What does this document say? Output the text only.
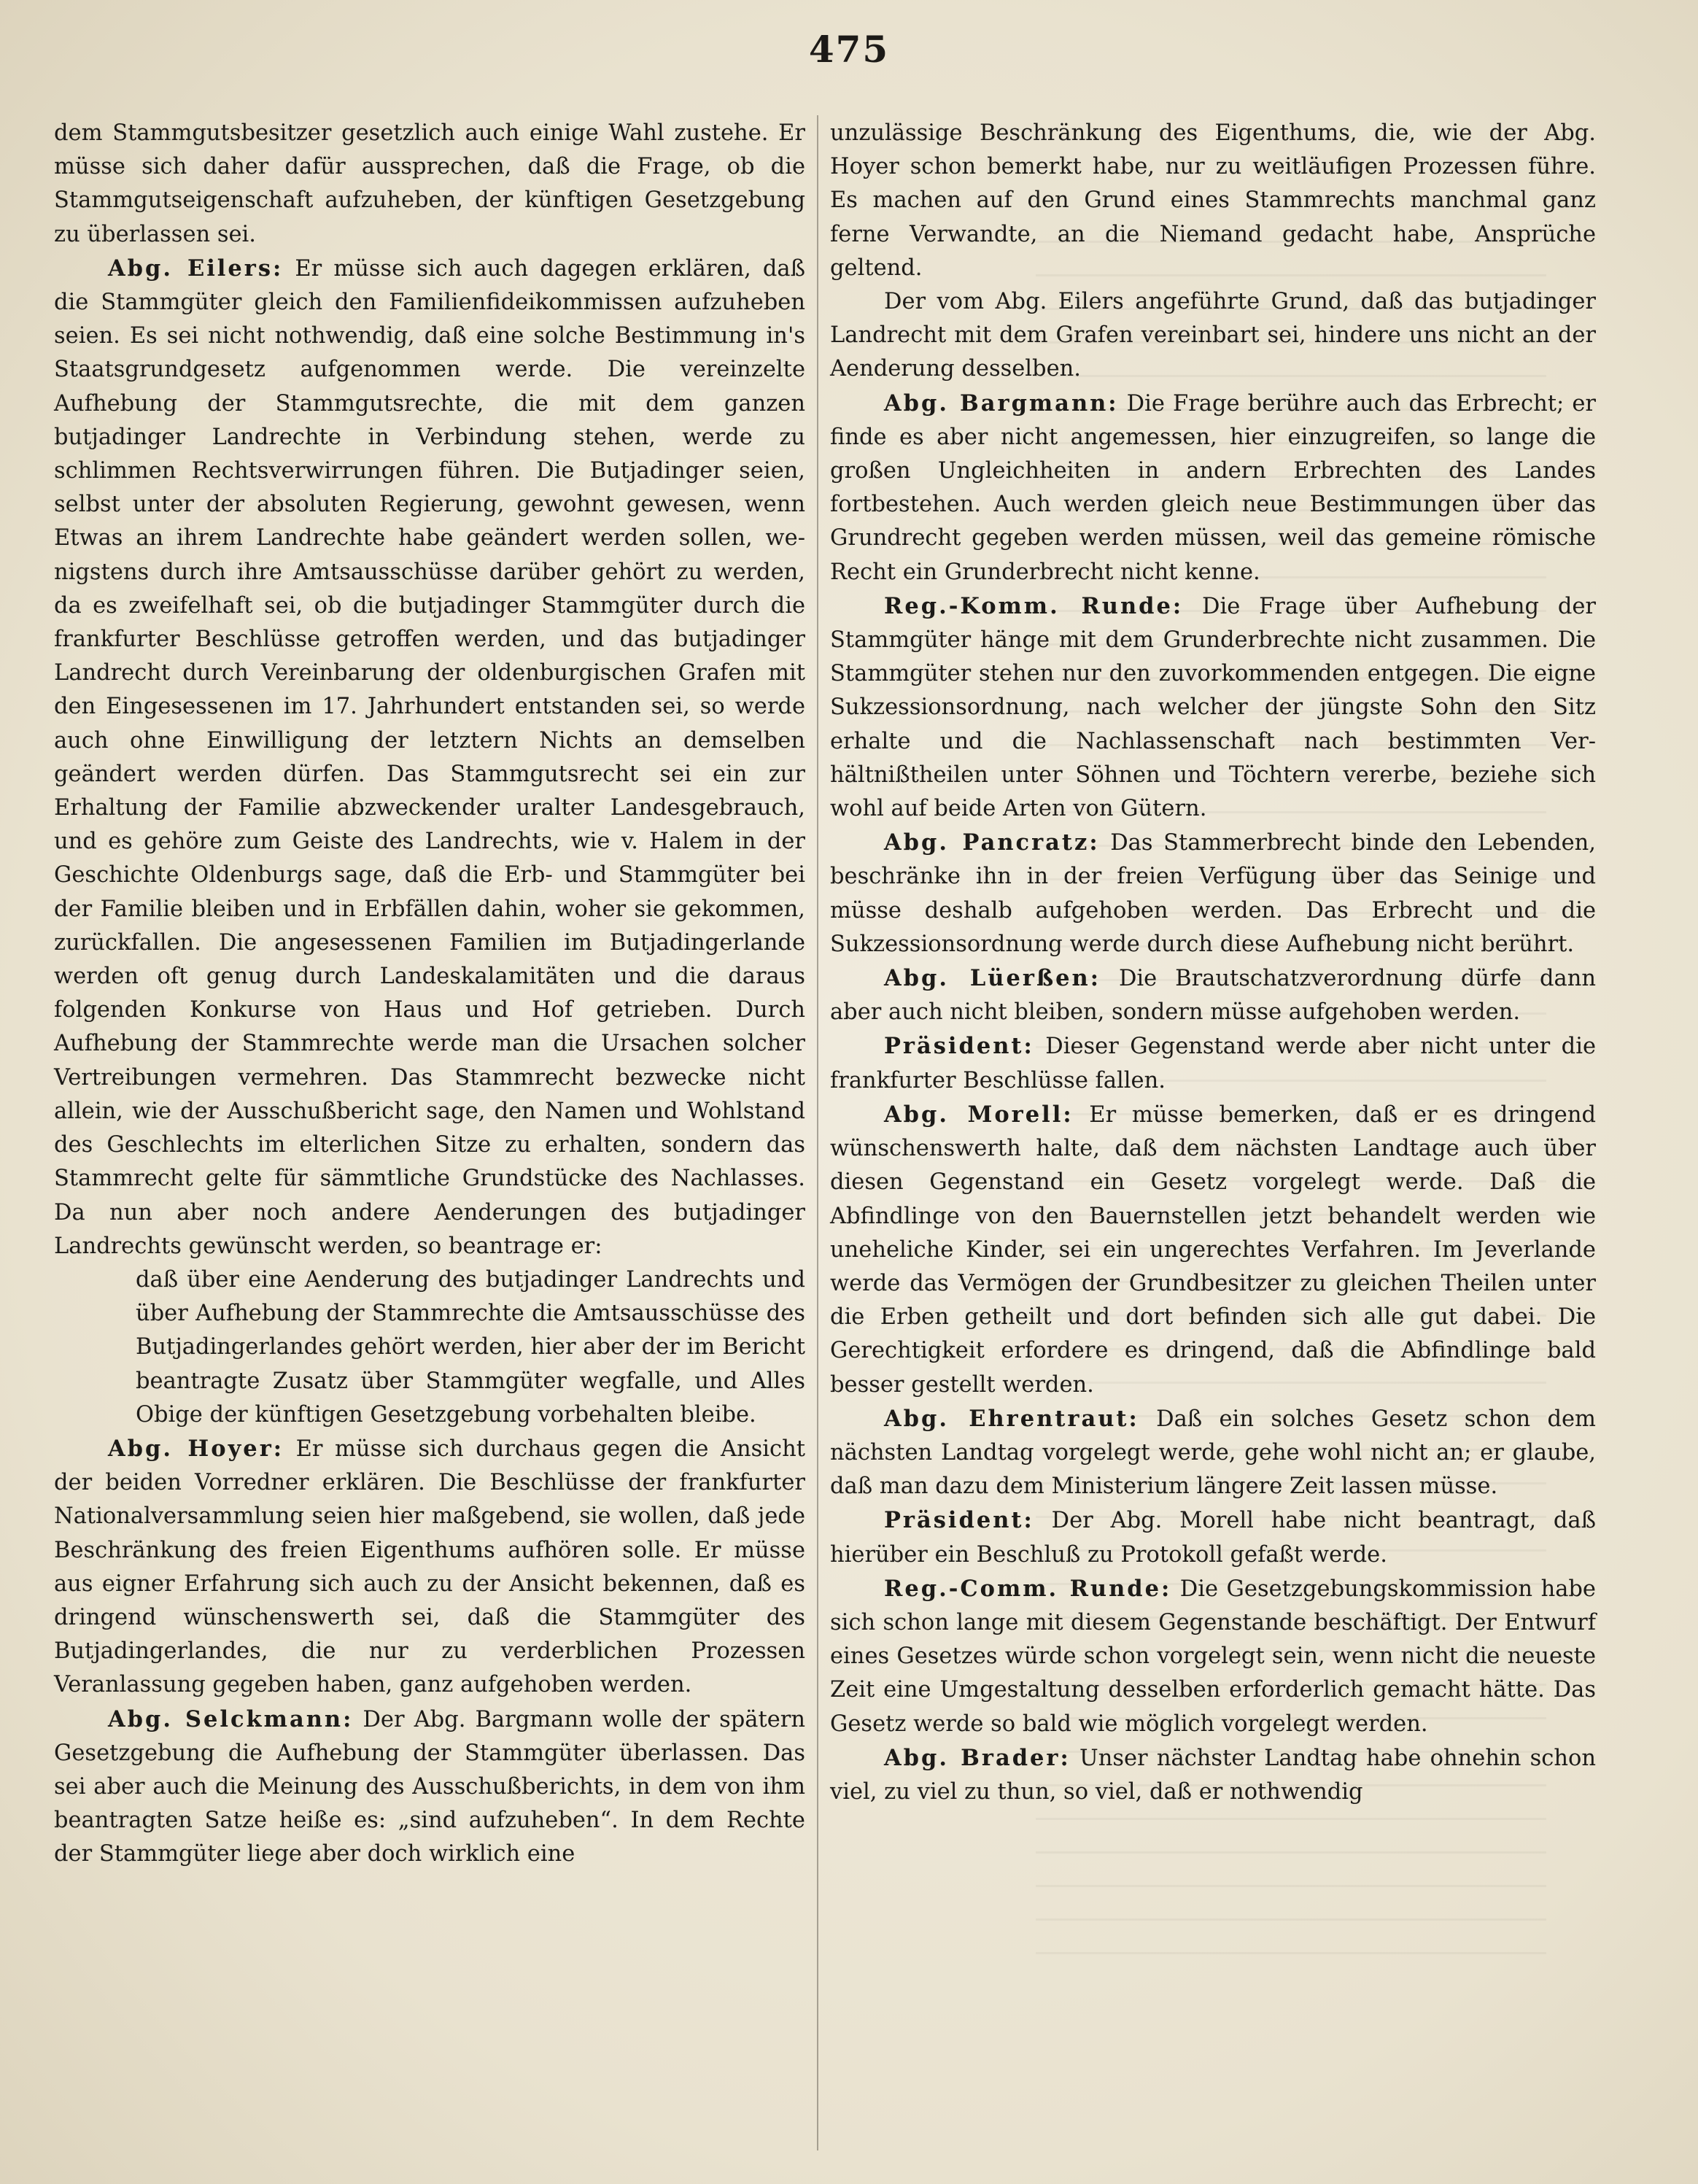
475

dem Stammgutsbesitzer gesetzlich auch einige Wahl zustehe. Er müsse sich daher dafür aussprechen, daß die Frage, ob die Stammgutseigenschaft aufzuheben, der künftigen Gesetzgebung zu überlassen sei.

Abg. Eilers: Er müsse sich auch dagegen erklären, daß die Stammgüter gleich den Familienfideikommissen aufzuheben seien. Es sei nicht nothwendig, daß eine solche Bestimmung in's Staatsgrundgesetz aufgenommen werde. Die vereinzelte Aufhebung der Stammgutsrechte, die mit dem ganzen butjadinger Landrechte in Verbindung stehen, werde zu schlimmen Rechtsverwirrungen führen. Die Butjadinger seien, selbst unter der absoluten Regierung, gewohnt gewesen, wenn Etwas an ihrem Landrechte habe geändert werden sollen, wenigstens durch ihre Amtsausschüsse darüber gehört zu werden, da es zweifelhaft sei, ob die butjadinger Stammgüter durch die frankfurter Beschlüsse getroffen werden, und das butjadinger Landrecht durch Vereinbarung der oldenburgischen Grafen mit den Eingesessenen im 17. Jahrhundert entstanden sei, so werde auch ohne Einwilligung der letztern Nichts an demselben geändert werden dürfen. Das Stammgutsrecht sei ein zur Erhaltung der Familie abzweckender uralter Landesgebrauch, und es gehöre zum Geiste des Landrechts, wie v. Halem in der Geschichte Oldenburgs sage, daß die Erb- und Stammgüter bei der Familie bleiben und in Erbfällen dahin, woher sie gekommen, zurückfallen. Die angesessenen Familien im Butjadingerlande werden oft genug durch Landeskalamitäten und die daraus folgenden Konkurse von Haus und Hof getrieben. Durch Aufhebung der Stammrechte werde man die Ursachen solcher Vertreibungen vermehren. Das Stammrecht bezwecke nicht allein, wie der Ausschußbericht sage, den Namen und Wohlstand des Geschlechts im elterlichen Sitze zu erhalten, sondern das Stammrecht gelte für sämmtliche Grundstücke des Nachlasses. Da nun aber noch andere Aenderungen des butjadinger Landrechts gewünscht werden, so beantrage er:

daß über eine Aenderung des butjadinger Landrechts und über Aufhebung der Stammrechte die Amtsausschüsse des Butjadingerlandes gehört werden, hier aber der im Bericht beantragte Zusatz über Stammgüter wegfalle, und Alles Obige der künftigen Gesetzgebung vorbehalten bleibe.

Abg. Hoyer: Er müsse sich durchaus gegen die Ansicht der beiden Vorredner erklären. Die Beschlüsse der frankfurter Nationalversammlung seien hier maßgebend, sie wollen, daß jede Beschränkung des freien Eigenthums aufhören solle. Er müsse aus eigner Erfahrung sich auch zu der Ansicht bekennen, daß es dringend wünschenswerth sei, daß die Stammgüter des Butjadingerlandes, die nur zu verderblichen Prozessen Veranlassung gegeben haben, ganz aufgehoben werden.

Abg. Selckmann: Der Abg. Bargmann wolle der spätern Gesetzgebung die Aufhebung der Stammgüter überlassen. Das sei aber auch die Meinung des Ausschußberichts, in dem von ihm beantragten Satze heiße es: „sind aufzuheben“. In dem Rechte der Stammgüter liege aber doch wirklich eine

unzulässige Beschränkung des Eigenthums, die, wie der Abg. Hoyer schon bemerkt habe, nur zu weitläufigen Prozessen führe. Es machen auf den Grund eines Stammrechts manchmal ganz ferne Verwandte, an die Niemand gedacht habe, Ansprüche geltend.

Der vom Abg. Eilers angeführte Grund, daß das butjadinger Landrecht mit dem Grafen vereinbart sei, hindere uns nicht an der Aenderung desselben.

Abg. Bargmann: Die Frage berühre auch das Erbrecht; er finde es aber nicht angemessen, hier einzugreifen, so lange die großen Ungleichheiten in andern Erbrechten des Landes fortbestehen. Auch werden gleich neue Bestimmungen über das Grundrecht gegeben werden müssen, weil das gemeine römische Recht ein Grunderbrecht nicht kenne.

Reg.-Komm. Runde: Die Frage über Aufhebung der Stammgüter hänge mit dem Grunderbrechte nicht zusammen. Die Stammgüter stehen nur den zuvorkommenden entgegen. Die eigne Sukzessionsordnung, nach welcher der jüngste Sohn den Sitz erhalte und die Nachlassenschaft nach bestimmten Verhältnißtheilen unter Söhnen und Töchtern vererbe, beziehe sich wohl auf beide Arten von Gütern.

Abg. Pancratz: Das Stammerbrecht binde den Lebenden, beschränke ihn in der freien Verfügung über das Seinige und müsse deshalb aufgehoben werden. Das Erbrecht und die Sukzessionsordnung werde durch diese Aufhebung nicht berührt.

Abg. Lüerßen: Die Brautschatzverordnung dürfe dann aber auch nicht bleiben, sondern müsse aufgehoben werden.

Präsident: Dieser Gegenstand werde aber nicht unter die frankfurter Beschlüsse fallen.

Abg. Morell: Er müsse bemerken, daß er es dringend wünschenswerth halte, daß dem nächsten Landtage auch über diesen Gegenstand ein Gesetz vorgelegt werde. Daß die Abfindlinge von den Bauernstellen jetzt behandelt werden wie uneheliche Kinder, sei ein ungerechtes Verfahren. Im Jeverlande werde das Vermögen der Grundbesitzer zu gleichen Theilen unter die Erben getheilt und dort befinden sich alle gut dabei. Die Gerechtigkeit erfordere es dringend, daß die Abfindlinge bald besser gestellt werden.

Abg. Ehrentraut: Daß ein solches Gesetz schon dem nächsten Landtag vorgelegt werde, gehe wohl nicht an; er glaube, daß man dazu dem Ministerium längere Zeit lassen müsse.

Präsident: Der Abg. Morell habe nicht beantragt, daß hierüber ein Beschluß zu Protokoll gefaßt werde.

Reg.-Comm. Runde: Die Gesetzgebungskommission habe sich schon lange mit diesem Gegenstande beschäftigt. Der Entwurf eines Gesetzes würde schon vorgelegt sein, wenn nicht die neueste Zeit eine Umgestaltung desselben erforderlich gemacht hätte. Das Gesetz werde so bald wie möglich vorgelegt werden.

Abg. Brader: Unser nächster Landtag habe ohnehin schon viel, zu viel zu thun, so viel, daß er nothwendig
